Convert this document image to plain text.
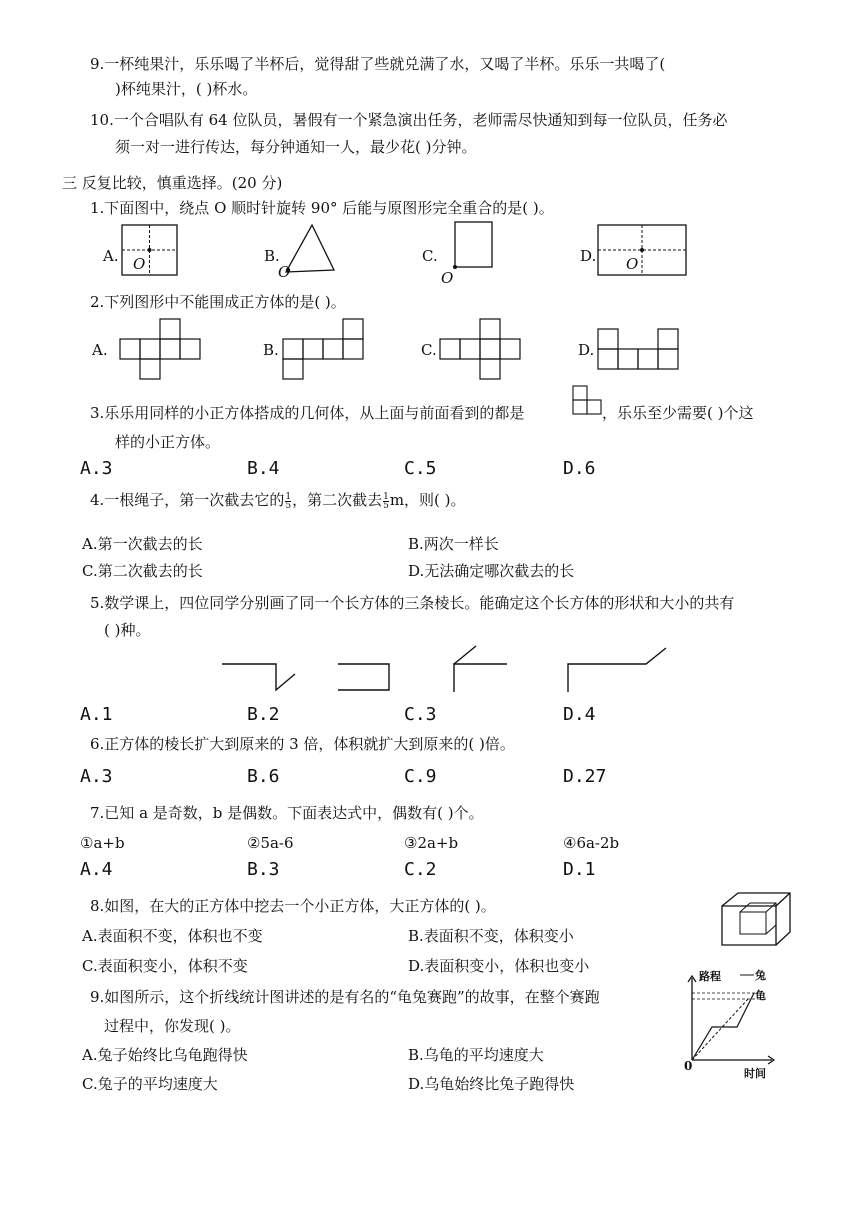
9.一杯纯果汁，乐乐喝了半杯后，觉得甜了些就兑满了水，又喝了半杯。乐乐一共喝了(
)杯纯果汁，( )杯水。
10.一个合唱队有 64 位队员，暑假有一个紧急演出任务，老师需尽快通知到每一位队员，任务必
须一对一进行传达，每分钟通知一人，最少花( )分钟。
三 反复比较，慎重选择。(20 分)
1.下面图中，绕点 O 顺时针旋转 90° 后能与原图形完全重合的是( )。
A.	B.	C.	D.
A.	B.	C.	D.
O	O	O
O
2.下列图形中不能围成正方体的是( )。
3.乐乐用同样的小正方体搭成的几何体，从上面与前面看到的都是	，乐乐至少需要( )个这
样的小正方体。
A.3	B.4	C.5	D.6
4.一根绳子，第一次截去它的 $\frac{1}{5}$ ，第二次截去 $\frac{1}{5}$ m，则( )。
A.第一次截去的长	B.两次一样长
C.第二次截去的长	D.无法确定哪次截去的长
5.数学课上，四位同学分别画了同一个长方体的三条棱长。能确定这个长方体的形状和大小的共有
( )种。
A.1	B.2	C.3	D.4
6.正方体的棱长扩大到原来的 3 倍，体积就扩大到原来的( )倍。
A.3	B.6	C.9	D.27
7.已知 a 是奇数，b 是偶数。下面表达式中，偶数有( )个。
①a+b	②5a-6	③2a+b	④6a-2b
A.4	B.3	C.2	D.1
8.如图，在大的正方体中挖去一个小正方体，大正方体的( )。
A.表面积不变，体积也不变	B.表面积不变，体积变小
C.表面积变小，体积不变	D.表面积变小，体积也变小
9.如图所示，这个折线统计图讲述的是有名的“龟兔赛跑”的故事，在整个赛跑
过程中，你发现( )。
A.兔子始终比乌龟跑得快	B.乌龟的平均速度大
C.兔子的平均速度大	D.乌龟始终比兔子跑得快
路程	兔
龟
0
时间
